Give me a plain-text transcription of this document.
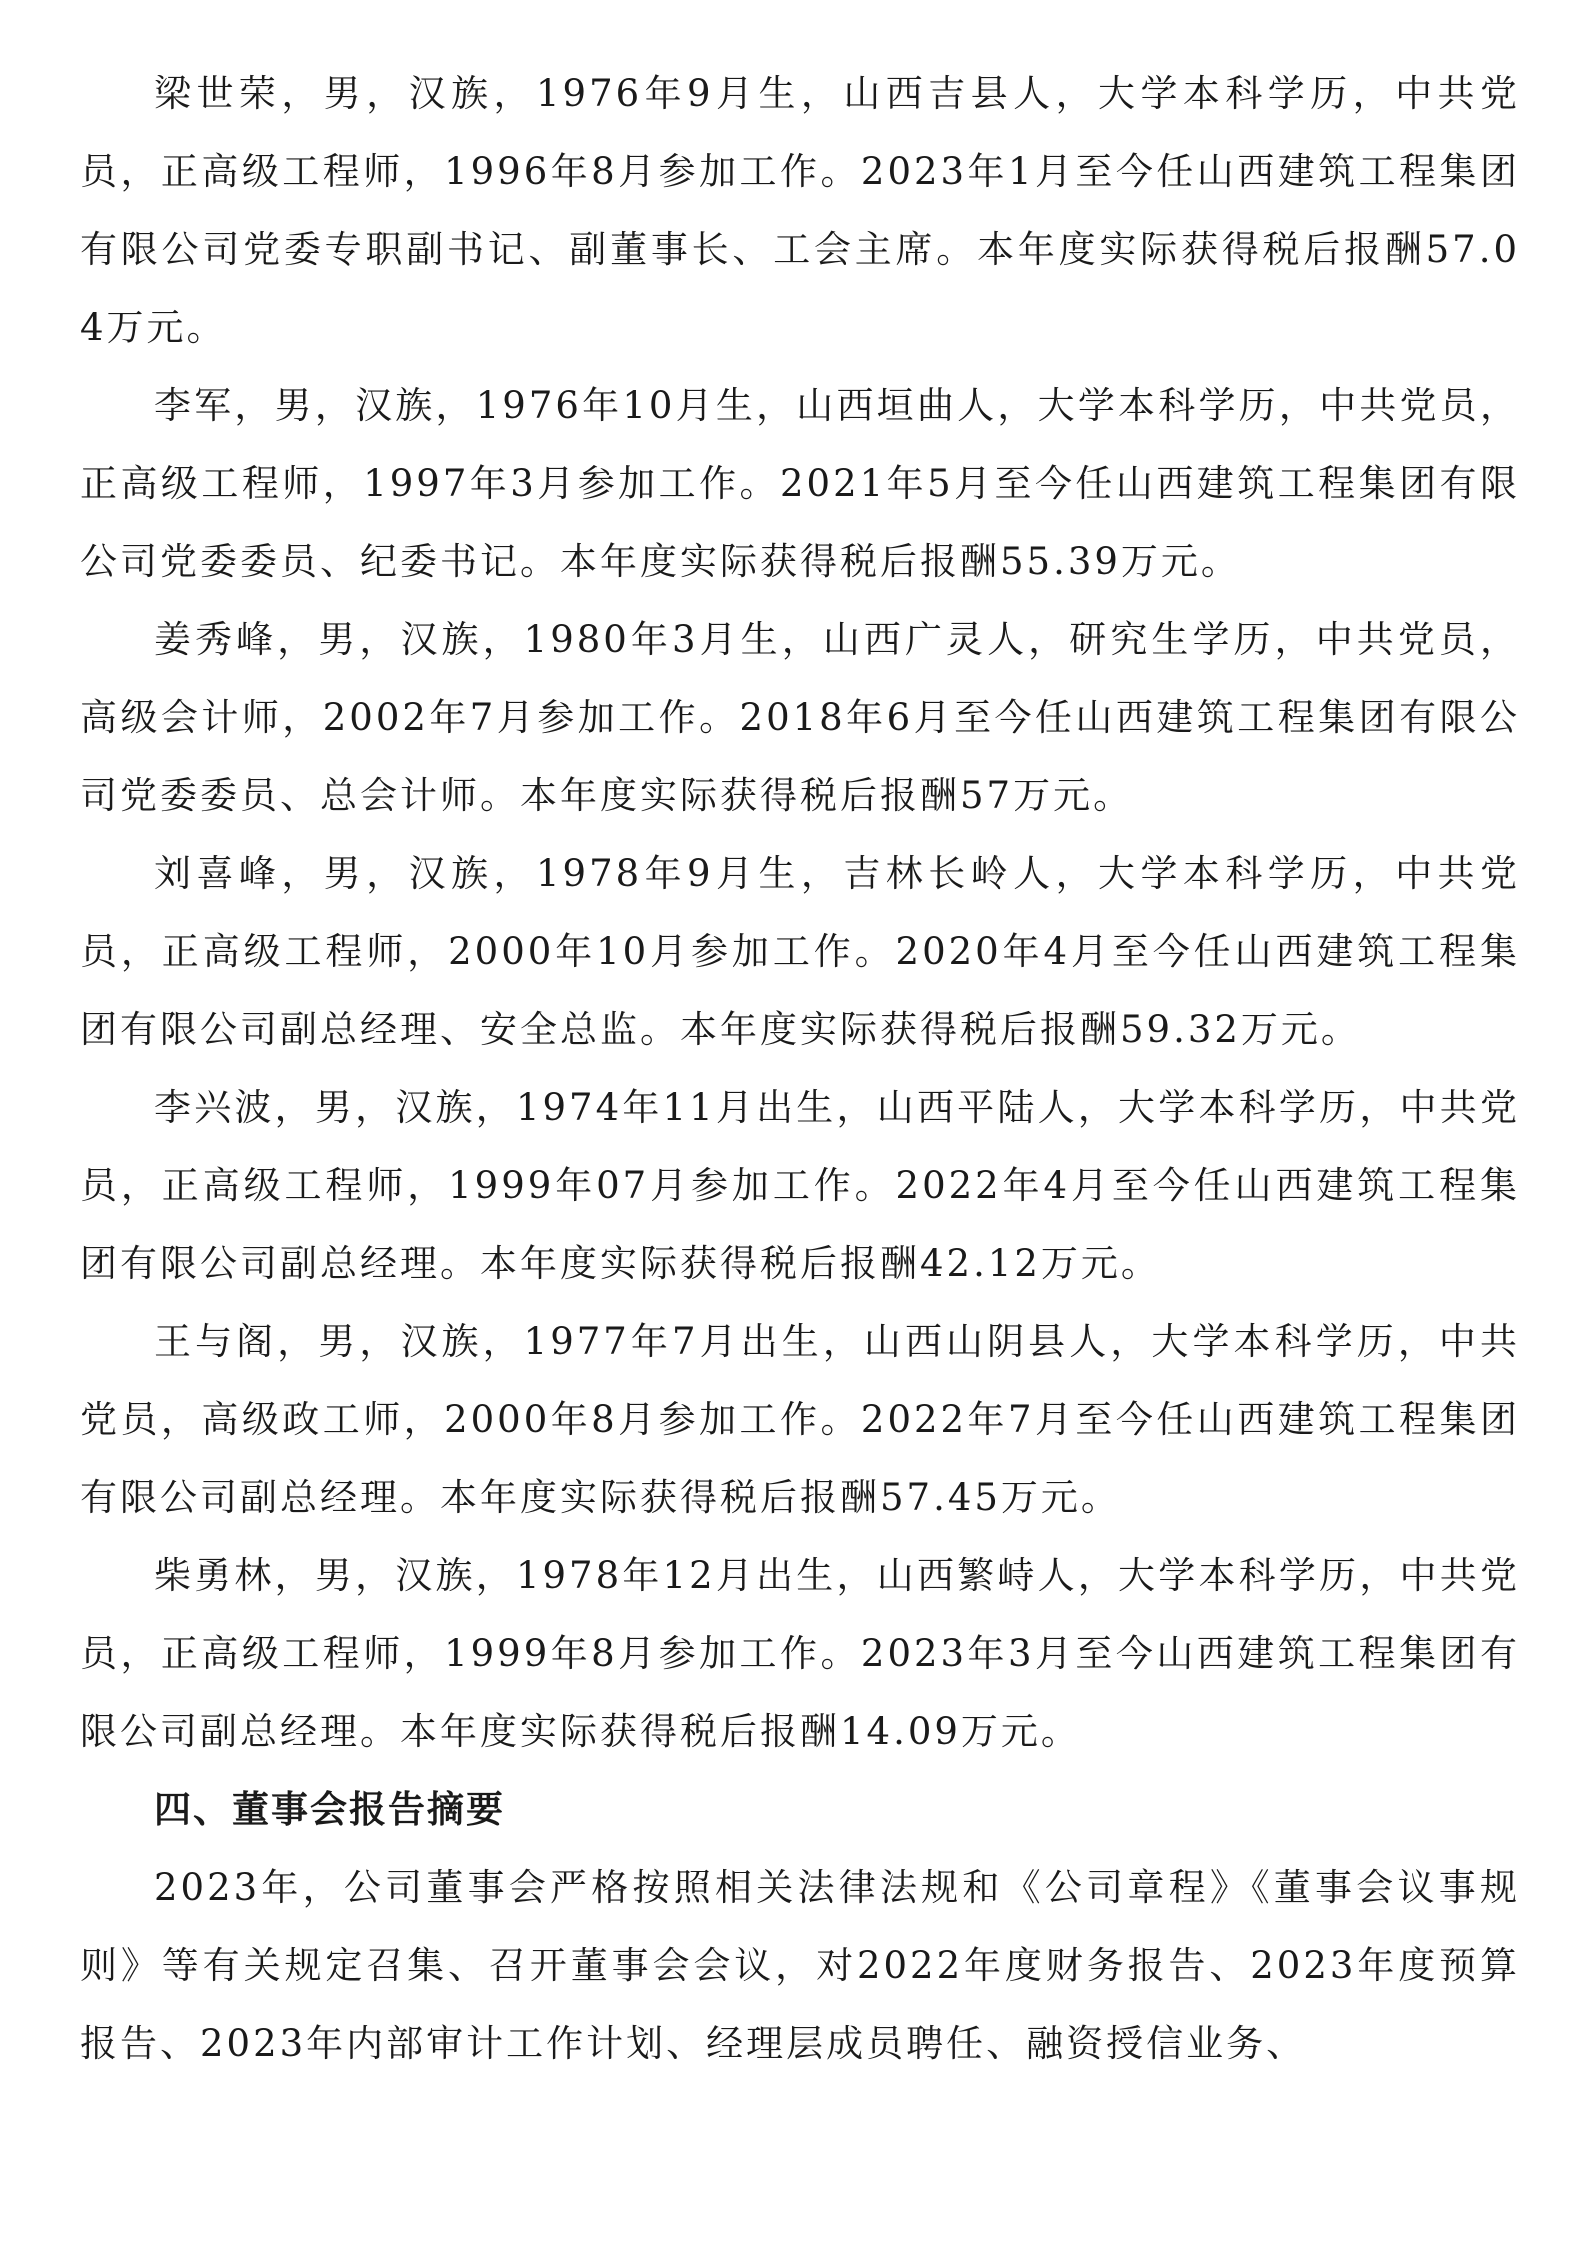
梁世荣，男，汉族，1976年9月生，山西吉县人，大学本科学历，中共党员，正高级工程师，1996年8月参加工作。2023年1月至今任山西建筑工程集团有限公司党委专职副书记、副董事长、工会主席。本年度实际获得税后报酬57.04万元。

李军，男，汉族，1976年10月生，山西垣曲人，大学本科学历，中共党员，正高级工程师，1997年3月参加工作。2021年5月至今任山西建筑工程集团有限公司党委委员、纪委书记。本年度实际获得税后报酬55.39万元。

姜秀峰，男，汉族，1980年3月生，山西广灵人，研究生学历，中共党员，高级会计师，2002年7月参加工作。2018年6月至今任山西建筑工程集团有限公司党委委员、总会计师。本年度实际获得税后报酬57万元。

刘喜峰，男，汉族，1978年9月生，吉林长岭人，大学本科学历，中共党员，正高级工程师，2000年10月参加工作。2020年4月至今任山西建筑工程集团有限公司副总经理、安全总监。本年度实际获得税后报酬59.32万元。

李兴波，男，汉族，1974年11月出生，山西平陆人，大学本科学历，中共党员，正高级工程师，1999年07月参加工作。2022年4月至今任山西建筑工程集团有限公司副总经理。本年度实际获得税后报酬42.12万元。

王与阁，男，汉族，1977年7月出生，山西山阴县人，大学本科学历，中共党员，高级政工师，2000年8月参加工作。2022年7月至今任山西建筑工程集团有限公司副总经理。本年度实际获得税后报酬57.45万元。

柴勇林，男，汉族，1978年12月出生，山西繁峙人，大学本科学历，中共党员，正高级工程师，1999年8月参加工作。2023年3月至今山西建筑工程集团有限公司副总经理。本年度实际获得税后报酬14.09万元。

四、董事会报告摘要

2023年，公司董事会严格按照相关法律法规和《公司章程》《董事会议事规则》等有关规定召集、召开董事会会议，对2022年度财务报告、2023年度预算报告、2023年内部审计工作计划、经理层成员聘任、融资授信业务、
